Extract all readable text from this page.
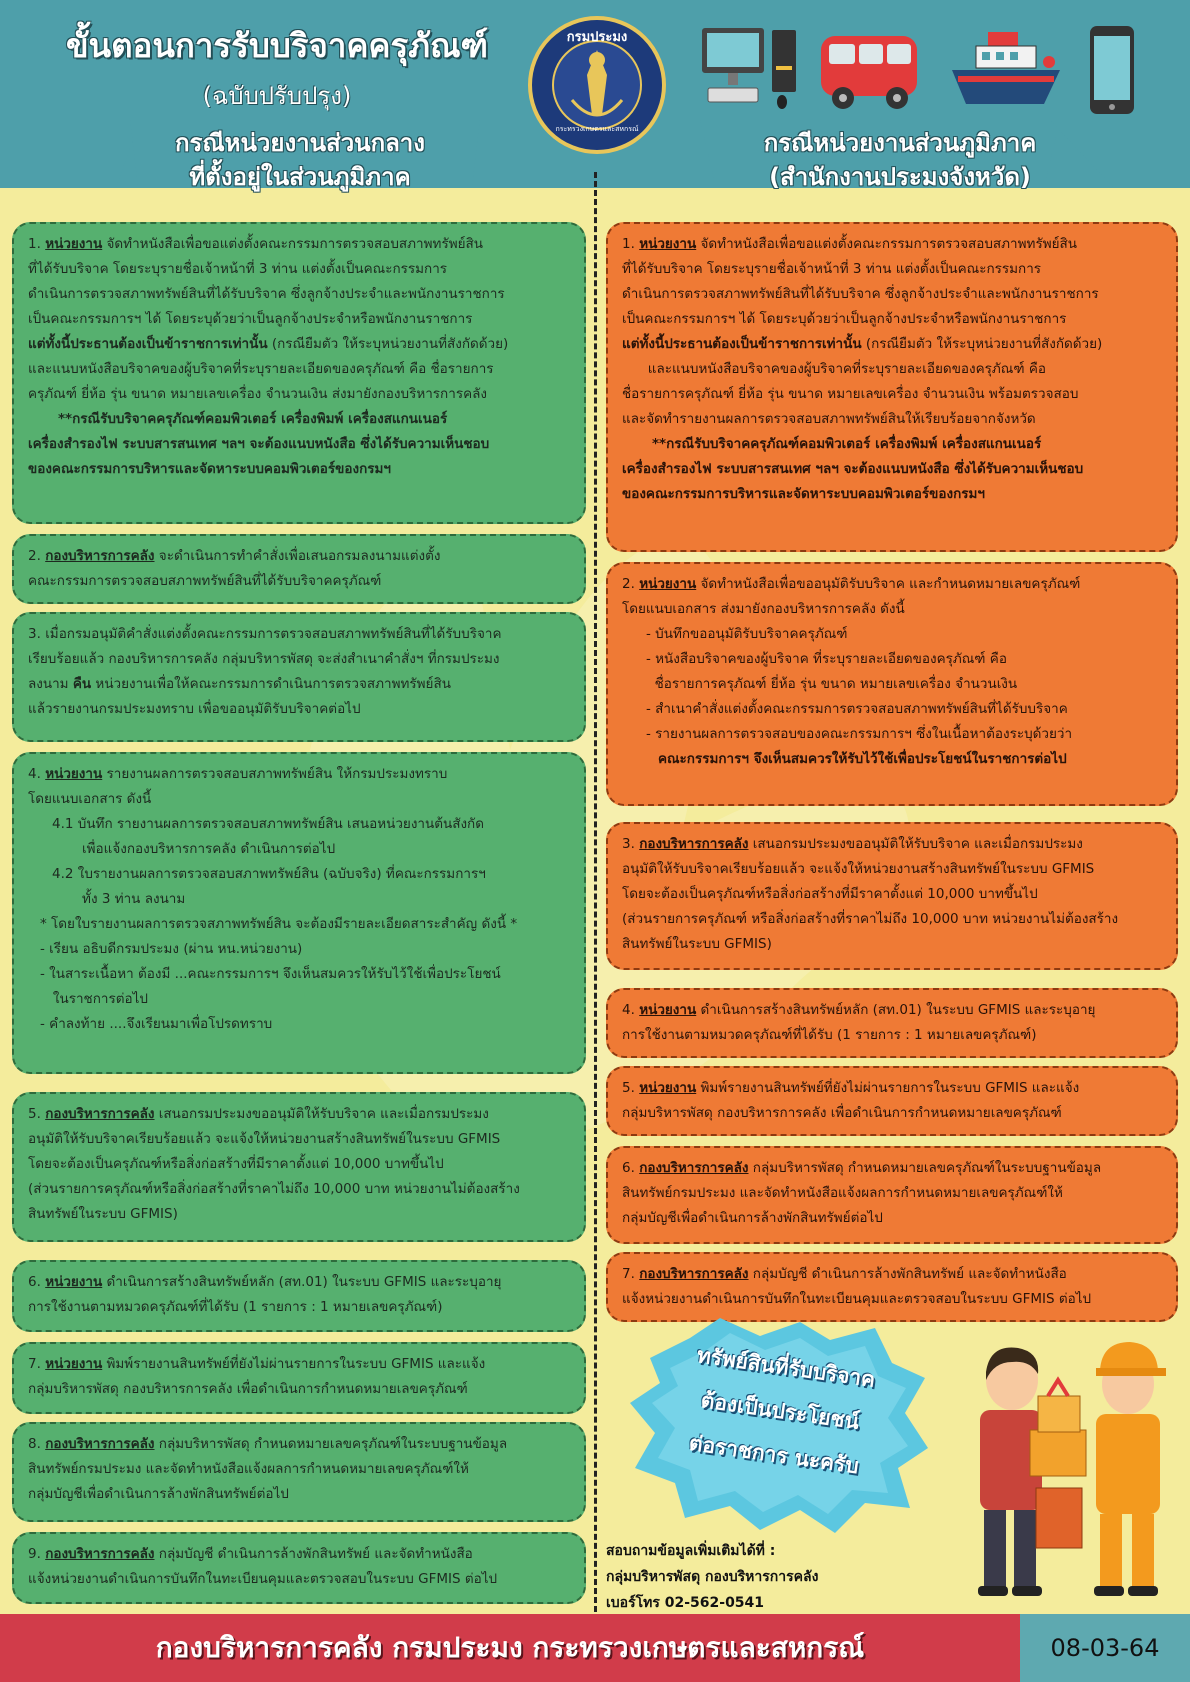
ขั้นตอนการรับบริจาคครุภัณฑ์
(ฉบับปรับปรุง)
กรณีหน่วยงานส่วนกลาง
ที่ตั้งอยู่ในส่วนภูมิภาค
กรณีหน่วยงานส่วนภูมิภาค
(สำนักงานประมงจังหวัด)
กรมประมง
กระทรวงเกษตรและสหกรณ์
1. หน่วยงาน จัดทำหนังสือเพื่อขอแต่งตั้งคณะกรรมการตรวจสอบสภาพทรัพย์สิน
ที่ได้รับบริจาค โดยระบุรายชื่อเจ้าหน้าที่ 3 ท่าน แต่งตั้งเป็นคณะกรรมการ
ดำเนินการตรวจสภาพทรัพย์สินที่ได้รับบริจาค ซึ่งลูกจ้างประจำและพนักงานราชการ
เป็นคณะกรรมการฯ ได้ โดยระบุด้วยว่าเป็นลูกจ้างประจำหรือพนักงานราชการ
แต่ทั้งนี้ประธานต้องเป็นข้าราชการเท่านั้น (กรณียืมตัว ให้ระบุหน่วยงานที่สังกัดด้วย)
และแนบหนังสือบริจาคของผู้บริจาคที่ระบุรายละเอียดของครุภัณฑ์ คือ ชื่อรายการ
ครุภัณฑ์ ยี่ห้อ รุ่น ขนาด หมายเลขเครื่อง จำนวนเงิน ส่งมายังกองบริหารการคลัง
**กรณีรับบริจาคครุภัณฑ์คอมพิวเตอร์ เครื่องพิมพ์ เครื่องสแกนเนอร์
เครื่องสำรองไฟ ระบบสารสนเทศ ฯลฯ จะต้องแนบหนังสือ ซึ่งได้รับความเห็นชอบ
ของคณะกรรมการบริหารและจัดหาระบบคอมพิวเตอร์ของกรมฯ
2. กองบริหารการคลัง จะดำเนินการทำคำสั่งเพื่อเสนอกรมลงนามแต่งตั้ง
คณะกรรมการตรวจสอบสภาพทรัพย์สินที่ได้รับบริจาคครุภัณฑ์
3. เมื่อกรมอนุมัติคำสั่งแต่งตั้งคณะกรรมการตรวจสอบสภาพทรัพย์สินที่ได้รับบริจาค
เรียบร้อยแล้ว กองบริหารการคลัง กลุ่มบริหารพัสดุ จะส่งสำเนาคำสั่งฯ ที่กรมประมง
ลงนาม คืน หน่วยงานเพื่อให้คณะกรรมการดำเนินการตรวจสภาพทรัพย์สิน
แล้วรายงานกรมประมงทราบ เพื่อขออนุมัติรับบริจาคต่อไป
4. หน่วยงาน รายงานผลการตรวจสอบสภาพทรัพย์สิน ให้กรมประมงทราบ
โดยแนบเอกสาร ดังนี้
4.1 บันทึก รายงานผลการตรวจสอบสภาพทรัพย์สิน เสนอหน่วยงานต้นสังกัด
เพื่อแจ้งกองบริหารการคลัง ดำเนินการต่อไป
4.2 ใบรายงานผลการตรวจสอบสภาพทรัพย์สิน (ฉบับจริง) ที่คณะกรรมการฯ
ทั้ง 3 ท่าน ลงนาม
* โดยใบรายงานผลการตรวจสภาพทรัพย์สิน จะต้องมีรายละเอียดสาระสำคัญ ดังนี้ *
- เรียน อธิบดีกรมประมง (ผ่าน หน.หน่วยงาน)
- ในสาระเนื้อหา ต้องมี ...คณะกรรมการฯ จึงเห็นสมควรให้รับไว้ใช้เพื่อประโยชน์
ในราชการต่อไป
- คำลงท้าย ....จึงเรียนมาเพื่อโปรดทราบ
5. กองบริหารการคลัง เสนอกรมประมงขออนุมัติให้รับบริจาค และเมื่อกรมประมง
อนุมัติให้รับบริจาคเรียบร้อยแล้ว จะแจ้งให้หน่วยงานสร้างสินทรัพย์ในระบบ GFMIS
โดยจะต้องเป็นครุภัณฑ์หรือสิ่งก่อสร้างที่มีราคาตั้งแต่ 10,000 บาทขึ้นไป
(ส่วนรายการครุภัณฑ์หรือสิ่งก่อสร้างที่ราคาไม่ถึง 10,000 บาท หน่วยงานไม่ต้องสร้าง
สินทรัพย์ในระบบ GFMIS)
6. หน่วยงาน ดำเนินการสร้างสินทรัพย์หลัก (สท.01) ในระบบ GFMIS และระบุอายุ
การใช้งานตามหมวดครุภัณฑ์ที่ได้รับ (1 รายการ : 1 หมายเลขครุภัณฑ์)
7. หน่วยงาน พิมพ์รายงานสินทรัพย์ที่ยังไม่ผ่านรายการในระบบ GFMIS และแจ้ง
กลุ่มบริหารพัสดุ กองบริหารการคลัง เพื่อดำเนินการกำหนดหมายเลขครุภัณฑ์
8. กองบริหารการคลัง กลุ่มบริหารพัสดุ กำหนดหมายเลขครุภัณฑ์ในระบบฐานข้อมูล
สินทรัพย์กรมประมง และจัดทำหนังสือแจ้งผลการกำหนดหมายเลขครุภัณฑ์ให้
กลุ่มบัญชีเพื่อดำเนินการล้างพักสินทรัพย์ต่อไป
9. กองบริหารการคลัง กลุ่มบัญชี ดำเนินการล้างพักสินทรัพย์ และจัดทำหนังสือ
แจ้งหน่วยงานดำเนินการบันทึกในทะเบียนคุมและตรวจสอบในระบบ GFMIS ต่อไป
1. หน่วยงาน จัดทำหนังสือเพื่อขอแต่งตั้งคณะกรรมการตรวจสอบสภาพทรัพย์สิน
ที่ได้รับบริจาค โดยระบุรายชื่อเจ้าหน้าที่ 3 ท่าน แต่งตั้งเป็นคณะกรรมการ
ดำเนินการตรวจสภาพทรัพย์สินที่ได้รับบริจาค ซึ่งลูกจ้างประจำและพนักงานราชการ
เป็นคณะกรรมการฯ ได้ โดยระบุด้วยว่าเป็นลูกจ้างประจำหรือพนักงานราชการ
แต่ทั้งนี้ประธานต้องเป็นข้าราชการเท่านั้น (กรณียืมตัว ให้ระบุหน่วยงานที่สังกัดด้วย)
และแนบหนังสือบริจาคของผู้บริจาคที่ระบุรายละเอียดของครุภัณฑ์ คือ
ชื่อรายการครุภัณฑ์ ยี่ห้อ รุ่น ขนาด หมายเลขเครื่อง จำนวนเงิน พร้อมตรวจสอบ
และจัดทำรายงานผลการตรวจสอบสภาพทรัพย์สินให้เรียบร้อยจากจังหวัด
**กรณีรับบริจาคครุภัณฑ์คอมพิวเตอร์ เครื่องพิมพ์ เครื่องสแกนเนอร์
เครื่องสำรองไฟ ระบบสารสนเทศ ฯลฯ จะต้องแนบหนังสือ ซึ่งได้รับความเห็นชอบ
ของคณะกรรมการบริหารและจัดหาระบบคอมพิวเตอร์ของกรมฯ
2. หน่วยงาน จัดทำหนังสือเพื่อขออนุมัติรับบริจาค และกำหนดหมายเลขครุภัณฑ์
โดยแนบเอกสาร ส่งมายังกองบริหารการคลัง ดังนี้
- บันทึกขออนุมัติรับบริจาคครุภัณฑ์
- หนังสือบริจาคของผู้บริจาค ที่ระบุรายละเอียดของครุภัณฑ์ คือ
ชื่อรายการครุภัณฑ์ ยี่ห้อ รุ่น ขนาด หมายเลขเครื่อง จำนวนเงิน
- สำเนาคำสั่งแต่งตั้งคณะกรรมการตรวจสอบสภาพทรัพย์สินที่ได้รับบริจาค
- รายงานผลการตรวจสอบของคณะกรรมการฯ ซึ่งในเนื้อหาต้องระบุด้วยว่า
คณะกรรมการฯ จึงเห็นสมควรให้รับไว้ใช้เพื่อประโยชน์ในราชการต่อไป
3. กองบริหารการคลัง เสนอกรมประมงขออนุมัติให้รับบริจาค และเมื่อกรมประมง
อนุมัติให้รับบริจาคเรียบร้อยแล้ว จะแจ้งให้หน่วยงานสร้างสินทรัพย์ในระบบ GFMIS
โดยจะต้องเป็นครุภัณฑ์หรือสิ่งก่อสร้างที่มีราคาตั้งแต่ 10,000 บาทขึ้นไป
(ส่วนรายการครุภัณฑ์ หรือสิ่งก่อสร้างที่ราคาไม่ถึง 10,000 บาท หน่วยงานไม่ต้องสร้าง
สินทรัพย์ในระบบ GFMIS)
4. หน่วยงาน ดำเนินการสร้างสินทรัพย์หลัก (สท.01) ในระบบ GFMIS และระบุอายุ
การใช้งานตามหมวดครุภัณฑ์ที่ได้รับ (1 รายการ : 1 หมายเลขครุภัณฑ์)
5. หน่วยงาน พิมพ์รายงานสินทรัพย์ที่ยังไม่ผ่านรายการในระบบ GFMIS และแจ้ง
กลุ่มบริหารพัสดุ กองบริหารการคลัง เพื่อดำเนินการกำหนดหมายเลขครุภัณฑ์
6. กองบริหารการคลัง กลุ่มบริหารพัสดุ กำหนดหมายเลขครุภัณฑ์ในระบบฐานข้อมูล
สินทรัพย์กรมประมง และจัดทำหนังสือแจ้งผลการกำหนดหมายเลขครุภัณฑ์ให้
กลุ่มบัญชีเพื่อดำเนินการล้างพักสินทรัพย์ต่อไป
7. กองบริหารการคลัง กลุ่มบัญชี ดำเนินการล้างพักสินทรัพย์ และจัดทำหนังสือ
แจ้งหน่วยงานดำเนินการบันทึกในทะเบียนคุมและตรวจสอบในระบบ GFMIS ต่อไป
ทรัพย์สินที่รับบริจาค
ต้องเป็นประโยชน์
ต่อราชการ นะครับ
สอบถามข้อมูลเพิ่มเติมได้ที่ :
กลุ่มบริหารพัสดุ กองบริหารการคลัง
เบอร์โทร 02-562-0541
กองบริหารการคลัง กรมประมง กระทรวงเกษตรและสหกรณ์	08-03-64
